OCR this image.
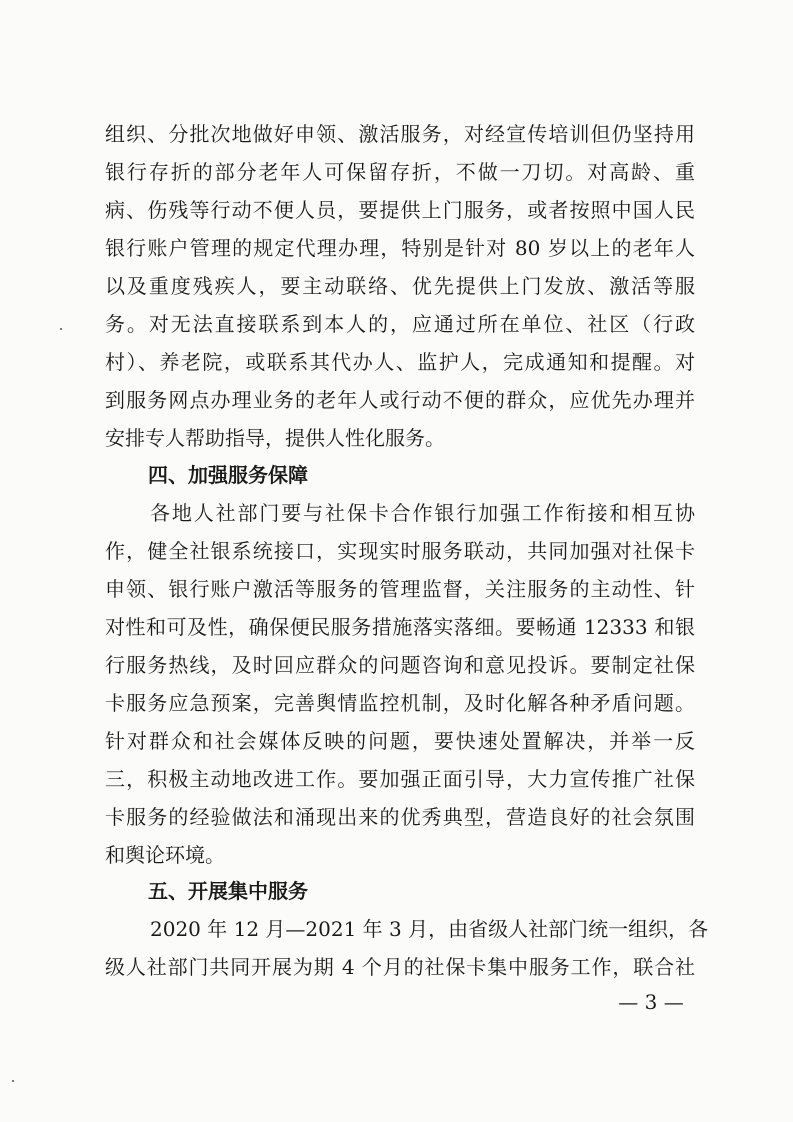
组织、分批次地做好申领、激活服务，对经宣传培训但仍坚持用
银行存折的部分老年人可保留存折，不做一刀切。对高龄、重
病、伤残等行动不便人员，要提供上门服务，或者按照中国人民
银行账户管理的规定代理办理，特别是针对 80 岁以上的老年人
以及重度残疾人，要主动联络、优先提供上门发放、激活等服
务。对无法直接联系到本人的，应通过所在单位、社区（行政
村）、养老院，或联系其代办人、监护人，完成通知和提醒。对
到服务网点办理业务的老年人或行动不便的群众，应优先办理并
安排专人帮助指导，提供人性化服务。
四、加强服务保障
各地人社部门要与社保卡合作银行加强工作衔接和相互协
作，健全社银系统接口，实现实时服务联动，共同加强对社保卡
申领、银行账户激活等服务的管理监督，关注服务的主动性、针
对性和可及性，确保便民服务措施落实落细。要畅通 12333 和银
行服务热线，及时回应群众的问题咨询和意见投诉。要制定社保
卡服务应急预案，完善舆情监控机制，及时化解各种矛盾问题。
针对群众和社会媒体反映的问题，要快速处置解决，并举一反
三，积极主动地改进工作。要加强正面引导，大力宣传推广社保
卡服务的经验做法和涌现出来的优秀典型，营造良好的社会氛围
和舆论环境。
五、开展集中服务
2020 年 12 月—2021 年 3 月，由省级人社部门统一组织，各
级人社部门共同开展为期 4 个月的社保卡集中服务工作，联合社
— 3 —
